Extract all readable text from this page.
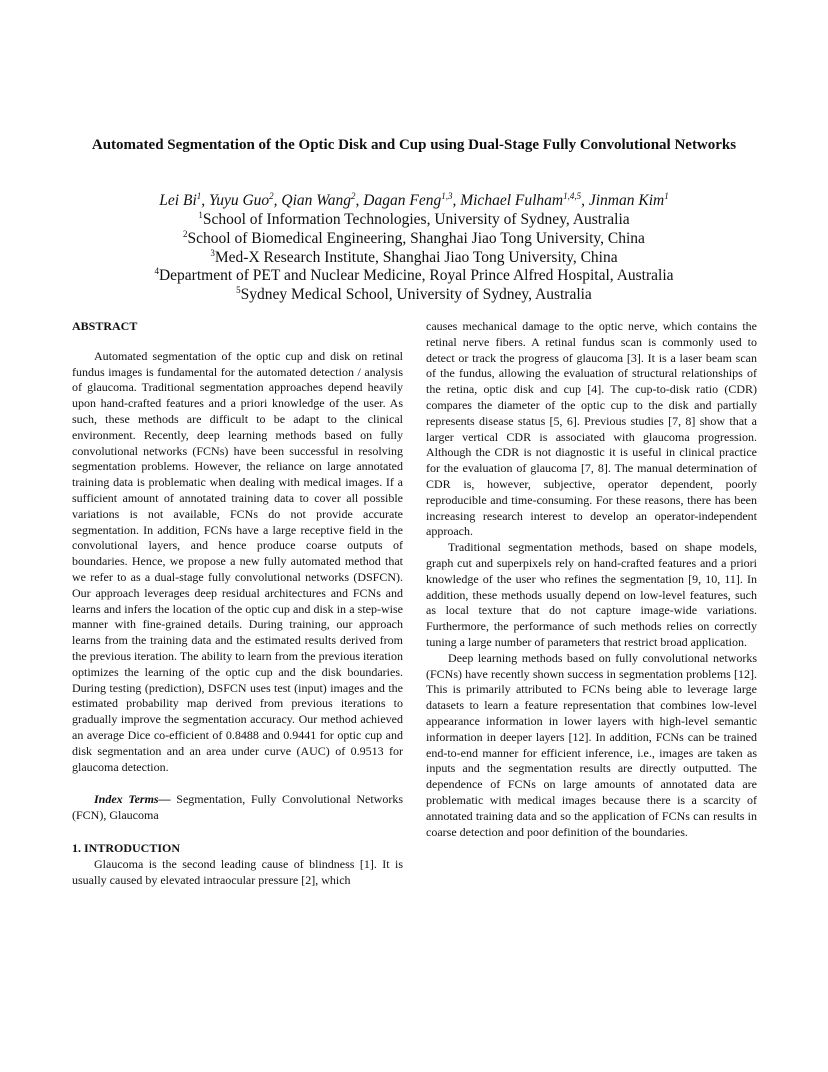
Automated Segmentation of the Optic Disk and Cup using Dual-Stage Fully Convolutional Networks
Lei Bi$^1$, Yuyu Guo$^2$, Qian Wang$^2$, Dagan Feng$^{1,3}$, Michael Fulham$^{1,4,5}$, Jinman Kim$^1$
$^1$School of Information Technologies, University of Sydney, Australia
$^2$School of Biomedical Engineering, Shanghai Jiao Tong University, China
$^3$Med-X Research Institute, Shanghai Jiao Tong University, China
$^4$Department of PET and Nuclear Medicine, Royal Prince Alfred Hospital, Australia
$^5$Sydney Medical School, University of Sydney, Australia

ABSTRACT

Automated segmentation of the optic cup and disk on retinal fundus images is fundamental for the automated detection / analysis of glaucoma. Traditional segmentation approaches depend heavily upon hand-crafted features and a priori knowledge of the user. As such, these methods are difficult to be adapt to the clinical environment. Recently, deep learning methods based on fully convolutional networks (FCNs) have been successful in resolving segmentation problems. However, the reliance on large annotated training data is problematic when dealing with medical images. If a sufficient amount of annotated training data to cover all possible variations is not available, FCNs do not provide accurate segmentation. In addition, FCNs have a large receptive field in the convolutional layers, and hence produce coarse outputs of boundaries. Hence, we propose a new fully automated method that we refer to as a dual-stage fully convolutional networks (DSFCN). Our approach leverages deep residual architectures and FCNs and learns and infers the location of the optic cup and disk in a step-wise manner with fine-grained details. During training, our approach learns from the training data and the estimated results derived from the previous iteration. The ability to learn from the previous iteration optimizes the learning of the optic cup and the disk boundaries. During testing (prediction), DSFCN uses test (input) images and the estimated probability map derived from previous iterations to gradually improve the segmentation accuracy. Our method achieved an average Dice co-efficient of 0.8488 and 0.9441 for optic cup and disk segmentation and an area under curve (AUC) of 0.9513 for glaucoma detection.

Index Terms— Segmentation, Fully Convolutional Networks (FCN), Glaucoma

1. INTRODUCTION

Glaucoma is the second leading cause of blindness [1]. It is usually caused by elevated intraocular pressure [2], which

causes mechanical damage to the optic nerve, which contains the retinal nerve fibers. A retinal fundus scan is commonly used to detect or track the progress of glaucoma [3]. It is a laser beam scan of the fundus, allowing the evaluation of structural relationships of the retina, optic disk and cup [4]. The cup-to-disk ratio (CDR) compares the diameter of the optic cup to the disk and partially represents disease status [5, 6]. Previous studies [7, 8] show that a larger vertical CDR is associated with glaucoma progression. Although the CDR is not diagnostic it is useful in clinical practice for the evaluation of glaucoma [7, 8]. The manual determination of CDR is, however, subjective, operator dependent, poorly reproducible and time-consuming. For these reasons, there has been increasing research interest to develop an operator-independent approach.

Traditional segmentation methods, based on shape models, graph cut and superpixels rely on hand-crafted features and a priori knowledge of the user who refines the segmentation [9, 10, 11]. In addition, these methods usually depend on low-level features, such as local texture that do not capture image-wide variations. Furthermore, the performance of such methods relies on correctly tuning a large number of parameters that restrict broad application.

Deep learning methods based on fully convolutional networks (FCNs) have recently shown success in segmentation problems [12]. This is primarily attributed to FCNs being able to leverage large datasets to learn a feature representation that combines low-level appearance information in lower layers with high-level semantic information in deeper layers [12]. In addition, FCNs can be trained end-to-end manner for efficient inference, i.e., images are taken as inputs and the segmentation results are directly outputted. The dependence of FCNs on large amounts of annotated data are problematic with medical images because there is a scarcity of annotated training data and so the application of FCNs can results in coarse detection and poor definition of the boundaries.
